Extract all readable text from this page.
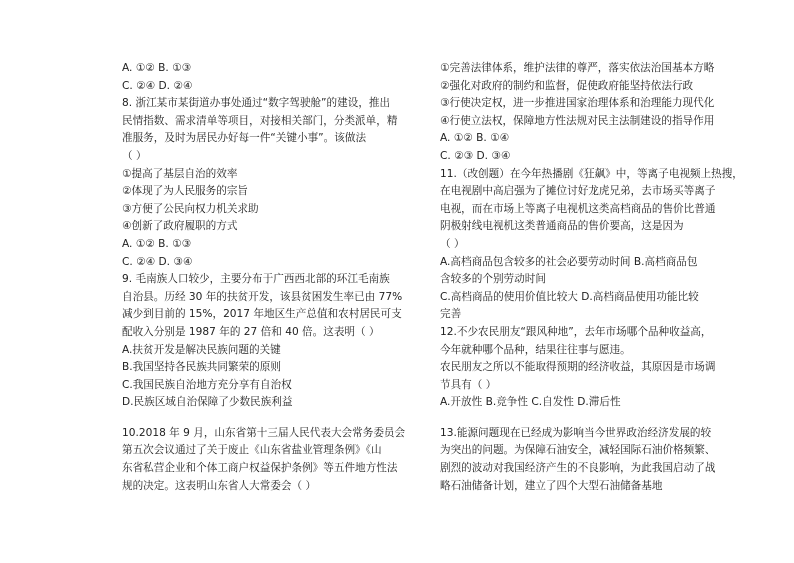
A. ①② B. ①③
C. ②④ D. ②④
8. 浙江某市某街道办事处通过“数字驾驶舱”的建设，推出
民情指数、需求清单等项目，对接相关部门，分类派单，精
准服务，及时为居民办好每一件“关键小事”。该做法
（ ）
①提高了基层自治的效率
②体现了为人民服务的宗旨
③方便了公民向权力机关求助
④创新了政府履职的方式
A. ①② B. ①③
C. ②④ D. ③④
9. 毛南族人口较少，主要分布于广西西北部的环江毛南族
自治县。历经 30 年的扶贫开发，该县贫困发生率已由 77%
减少到目前的 15%，2017 年地区生产总值和农村居民可支
配收入分别是 1987 年的 27 倍和 40 倍。这表明（ ）
A.扶贫开发是解决民族问题的关键
B.我国坚持各民族共同繁荣的原则
C.我国民族自治地方充分享有自治权
D.民族区域自治保障了少数民族利益
10.2018 年 9 月，山东省第十三届人民代表大会常务委员会
第五次会议通过了关于废止《山东省盐业管理条例》《山
东省私营企业和个体工商户权益保护条例》等五件地方性法
规的决定。这表明山东省人大常委会（ ）
①完善法律体系，维护法律的尊严，落实依法治国基本方略
②强化对政府的制约和监督，促使政府能坚持依法行政
③行使决定权，进一步推进国家治理体系和治理能力现代化
④行使立法权，保障地方性法规对民主法制建设的指导作用
A. ①② B. ①④
C. ②③ D. ③④
11.（改创题）在今年热播剧《狂飙》中，等离子电视频上热搜，
在电视剧中高启强为了摊位讨好龙虎兄弟，去市场买等离子
电视，而在市场上等离子电视机这类高档商品的售价比普通
阴极射线电视机这类普通商品的售价要高，这是因为
（ ）
A.高档商品包含较多的社会必要劳动时间 B.高档商品包
含较多的个别劳动时间
C.高档商品的使用价值比较大 D.高档商品使用功能比较
完善
12.不少农民朋友“跟风种地”，去年市场哪个品种收益高，
今年就种哪个品种，结果往往事与愿违。
农民朋友之所以不能取得预期的经济收益，其原因是市场调
节具有（ ）
A.开放性 B.竞争性 C.自发性 D.滞后性
13.能源问题现在已经成为影响当今世界政治经济发展的较
为突出的问题。为保障石油安全，减轻国际石油价格频繁、
剧烈的波动对我国经济产生的不良影响，为此我国启动了战
略石油储备计划，建立了四个大型石油储备基地
